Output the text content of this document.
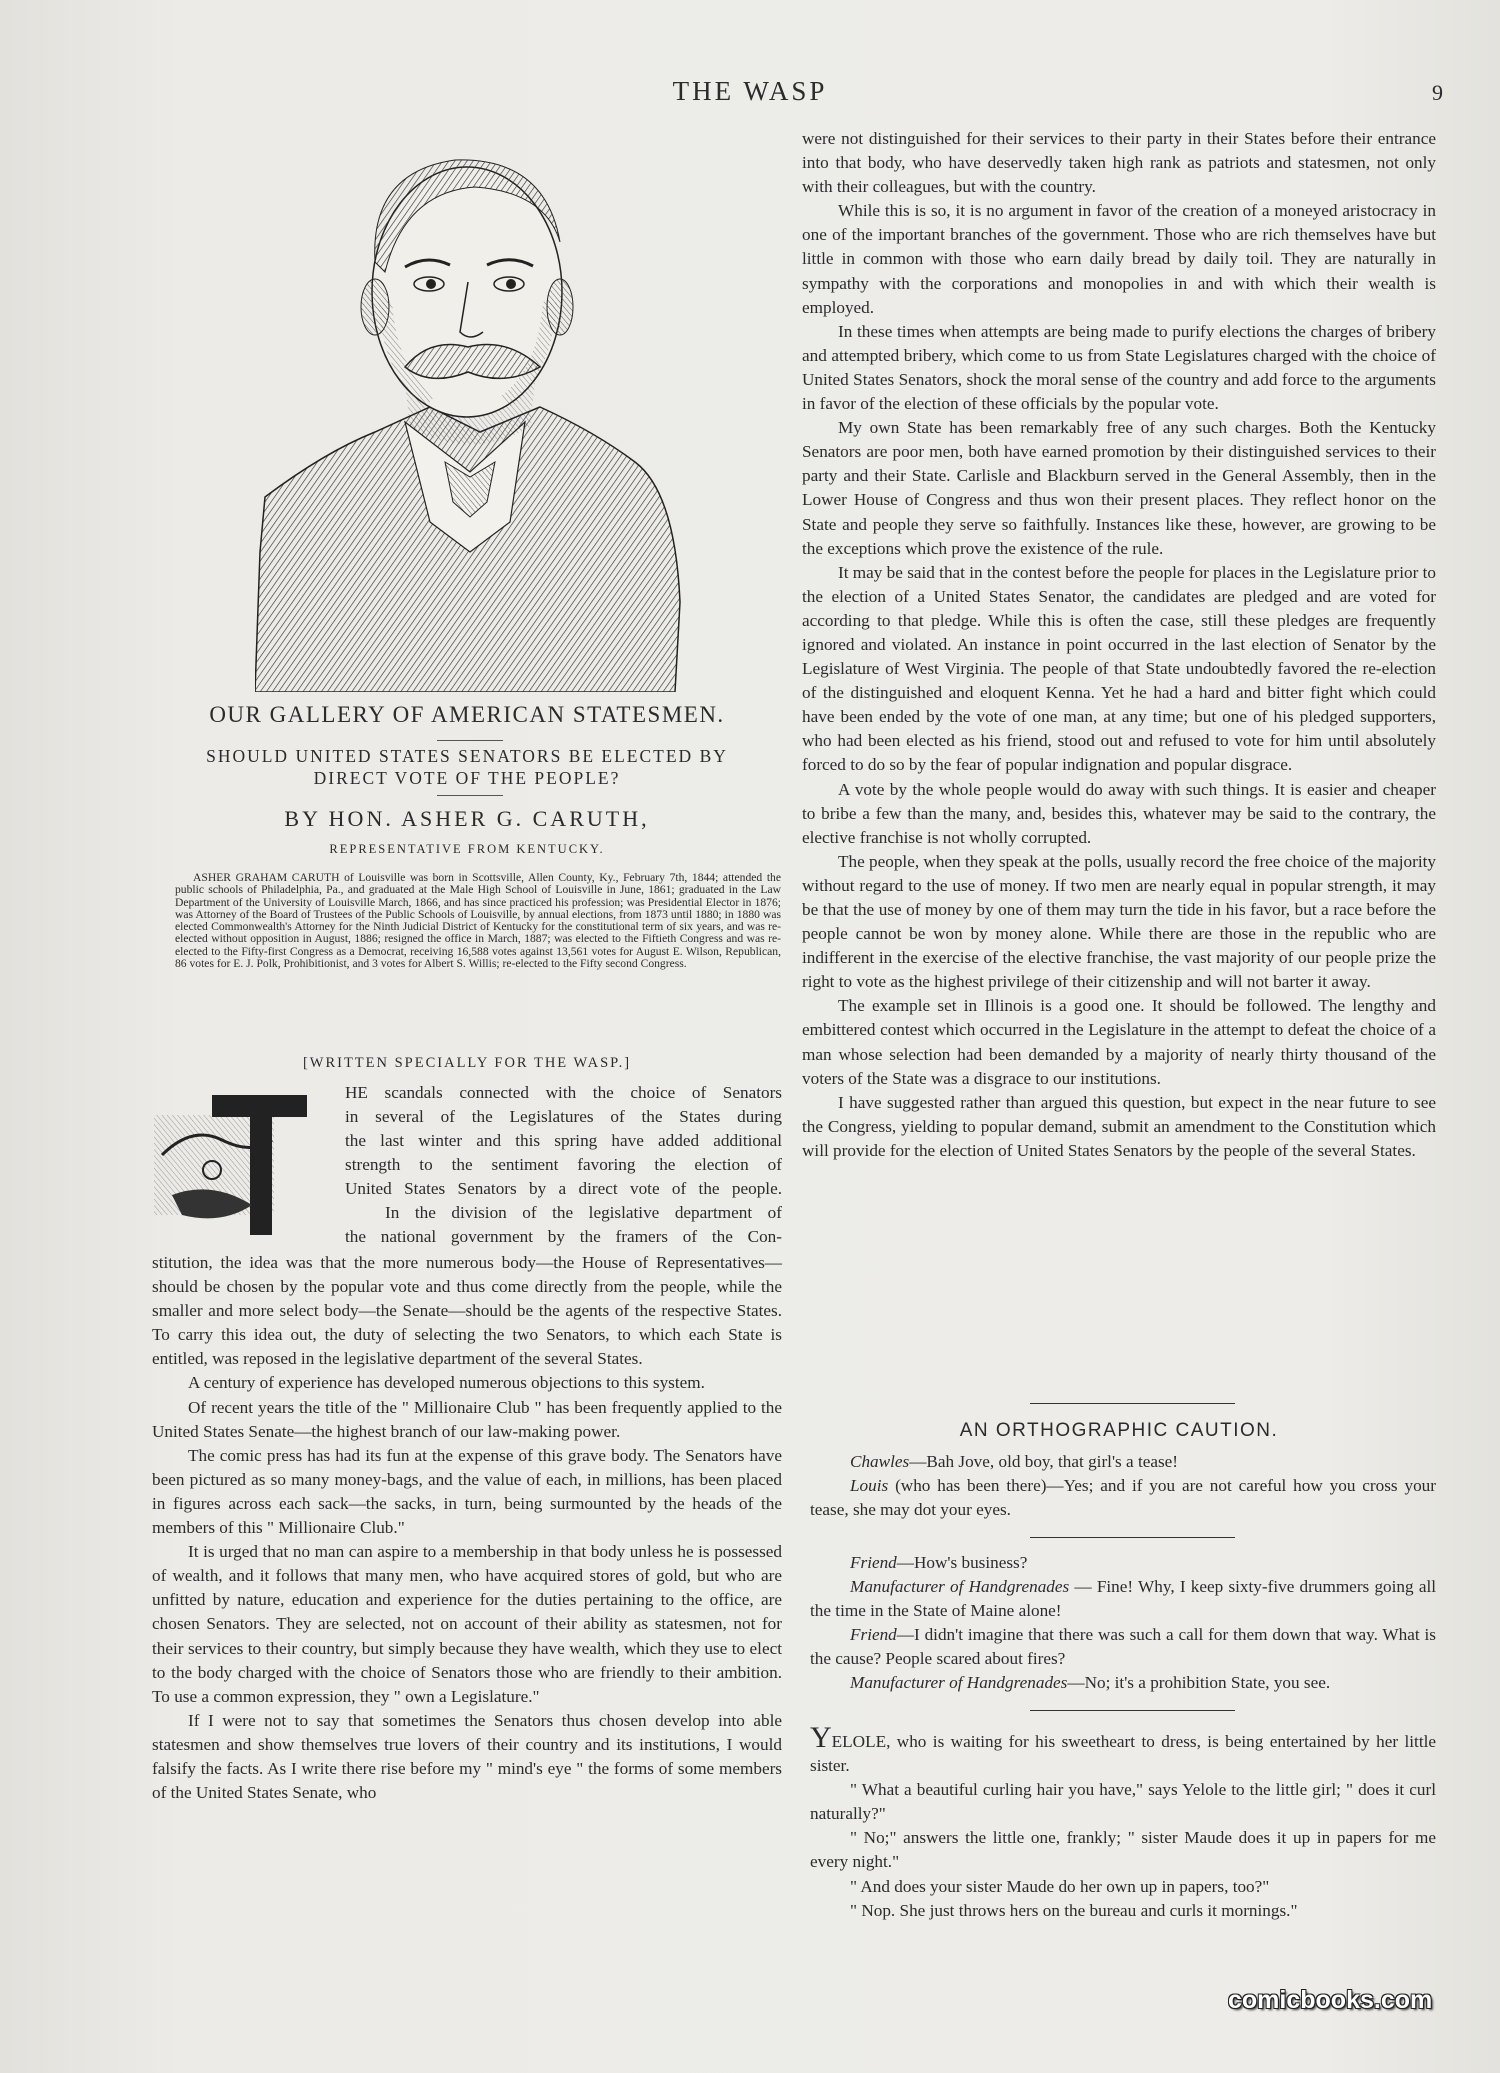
THE WASP	9
OUR GALLERY OF AMERICAN STATESMEN.
SHOULD UNITED STATES SENATORS BE ELECTED BY
DIRECT VOTE OF THE PEOPLE?
BY HON. ASHER G. CARUTH,
REPRESENTATIVE FROM KENTUCKY.
ASHER GRAHAM CARUTH of Louisville was born in Scottsville, Allen County, Ky., February 7th, 1844; attended the public schools of Philadelphia, Pa., and graduated at the Male High School of Louisville in June, 1861; graduated in the Law Department of the University of Louisville March, 1866, and has since practiced his profession; was Presidential Elector in 1876; was Attorney of the Board of Trustees of the Public Schools of Louisville, by annual elections, from 1873 until 1880; in 1880 was elected Commonwealth's Attorney for the Ninth Judicial District of Kentucky for the constitutional term of six years, and was re-elected without opposition in August, 1886; resigned the office in March, 1887; was elected to the Fiftieth Congress and was re-elected to the Fifty-first Congress as a Democrat, receiving 16,588 votes against 13,561 votes for August E. Wilson, Republican, 86 votes for E. J. Polk, Prohibitionist, and 3 votes for Albert S. Willis; re-elected to the Fifty second Congress.
[WRITTEN SPECIALLY FOR THE WASP.]
HE scandals connected with the choice of Senators
in several of the Legislatures of the States during
the last winter and this spring have added additional
strength to the sentiment favoring the election of
United States Senators by a direct vote of the people.
In the division of the legislative department of
the national government by the framers of the Con-

stitution, the idea was that the more numerous body—the House of Representatives—should be chosen by the popular vote and thus come directly from the people, while the smaller and more select body—the Senate—should be the agents of the respective States. To carry this idea out, the duty of selecting the two Senators, to which each State is entitled, was reposed in the legislative department of the several States.

A century of experience has developed numerous objections to this system.

Of recent years the title of the " Millionaire Club " has been frequently applied to the United States Senate—the highest branch of our law-making power.

The comic press has had its fun at the expense of this grave body. The Senators have been pictured as so many money-bags, and the value of each, in millions, has been placed in figures across each sack—the sacks, in turn, being surmounted by the heads of the members of this " Millionaire Club."

It is urged that no man can aspire to a membership in that body unless he is possessed of wealth, and it follows that many men, who have acquired stores of gold, but who are unfitted by nature, education and experience for the duties pertaining to the office, are chosen Senators. They are selected, not on account of their ability as statesmen, not for their services to their country, but simply because they have wealth, which they use to elect to the body charged with the choice of Senators those who are friendly to their ambition. To use a common expression, they " own a Legislature."

If I were not to say that sometimes the Senators thus chosen develop into able statesmen and show themselves true lovers of their country and its institutions, I would falsify the facts. As I write there rise before my " mind's eye " the forms of some members of the United States Senate, who

were not distinguished for their services to their party in their States before their entrance into that body, who have deservedly taken high rank as patriots and statesmen, not only with their colleagues, but with the country.

While this is so, it is no argument in favor of the creation of a moneyed aristocracy in one of the important branches of the government. Those who are rich themselves have but little in common with those who earn daily bread by daily toil. They are naturally in sympathy with the corporations and monopolies in and with which their wealth is employed.

In these times when attempts are being made to purify elections the charges of bribery and attempted bribery, which come to us from State Legislatures charged with the choice of United States Senators, shock the moral sense of the country and add force to the arguments in favor of the election of these officials by the popular vote.

My own State has been remarkably free of any such charges. Both the Kentucky Senators are poor men, both have earned promotion by their distinguished services to their party and their State. Carlisle and Blackburn served in the General Assembly, then in the Lower House of Congress and thus won their present places. They reflect honor on the State and people they serve so faithfully. Instances like these, however, are growing to be the exceptions which prove the existence of the rule.

It may be said that in the contest before the people for places in the Legislature prior to the election of a United States Senator, the candidates are pledged and are voted for according to that pledge. While this is often the case, still these pledges are frequently ignored and violated. An instance in point occurred in the last election of Senator by the Legislature of West Virginia. The people of that State undoubtedly favored the re-election of the distinguished and eloquent Kenna. Yet he had a hard and bitter fight which could have been ended by the vote of one man, at any time; but one of his pledged supporters, who had been elected as his friend, stood out and refused to vote for him until absolutely forced to do so by the fear of popular indignation and popular disgrace.

A vote by the whole people would do away with such things. It is easier and cheaper to bribe a few than the many, and, besides this, whatever may be said to the contrary, the elective franchise is not wholly corrupted.

The people, when they speak at the polls, usually record the free choice of the majority without regard to the use of money. If two men are nearly equal in popular strength, it may be that the use of money by one of them may turn the tide in his favor, but a race before the people cannot be won by money alone. While there are those in the republic who are indifferent in the exercise of the elective franchise, the vast majority of our people prize the right to vote as the highest privilege of their citizenship and will not barter it away.

The example set in Illinois is a good one. It should be followed. The lengthy and embittered contest which occurred in the Legislature in the attempt to defeat the choice of a man whose selection had been demanded by a majority of nearly thirty thousand of the voters of the State was a disgrace to our institutions.

I have suggested rather than argued this question, but expect in the near future to see the Congress, yielding to popular demand, submit an amendment to the Constitution which will provide for the election of United States Senators by the people of the several States.

AN ORTHOGRAPHIC CAUTION.

Chawles—Bah Jove, old boy, that girl's a tease!

Louis (who has been there)—Yes; and if you are not careful how you cross your tease, she may dot your eyes.

Friend—How's business?

Manufacturer of Handgrenades — Fine! Why, I keep sixty-five drummers going all the time in the State of Maine alone!

Friend—I didn't imagine that there was such a call for them down that way. What is the cause? People scared about fires?

Manufacturer of Handgrenades—No; it's a prohibition State, you see.

YELOLE, who is waiting for his sweetheart to dress, is being entertained by her little sister.

" What a beautiful curling hair you have," says Yelole to the little girl; " does it curl naturally?"

" No;" answers the little one, frankly; " sister Maude does it up in papers for me every night."

" And does your sister Maude do her own up in papers, too?"

" Nop. She just throws hers on the bureau and curls it mornings."

comicbooks.com
